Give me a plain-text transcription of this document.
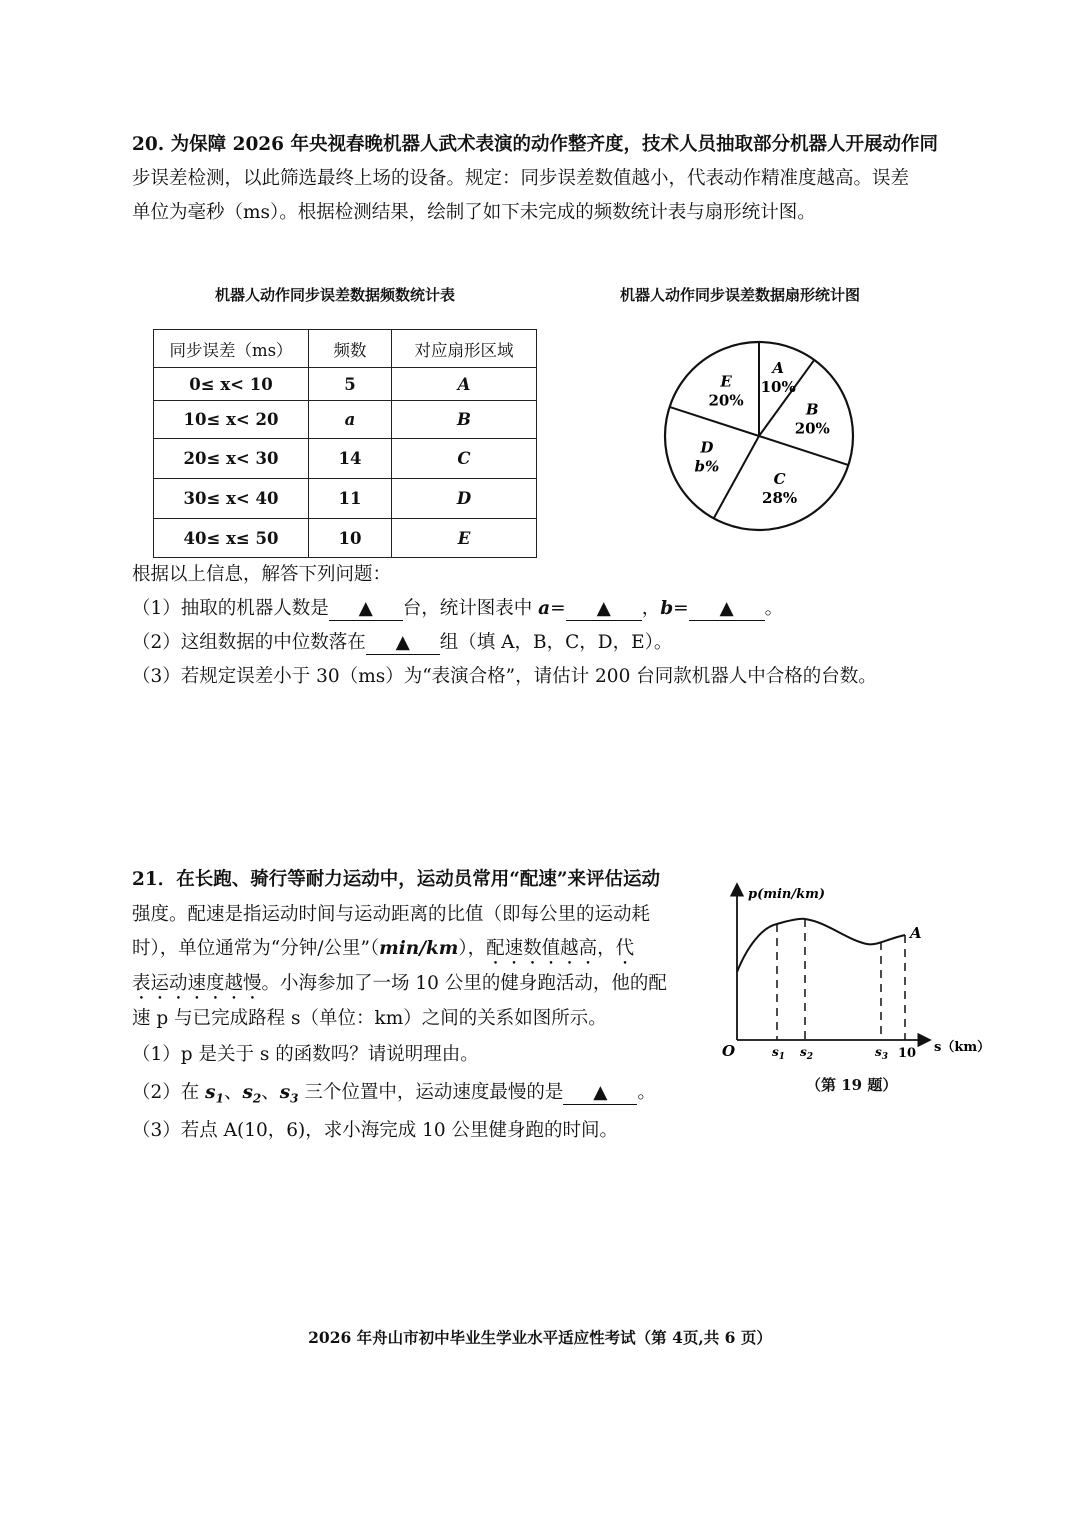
20. 为保障 2026 年央视春晚机器人武术表演的动作整齐度，技术人员抽取部分机器人开展动作同
步误差检测，以此筛选最终上场的设备。规定：同步误差数值越小，代表动作精准度越高。误差
单位为毫秒（ms）。根据检测结果，绘制了如下未完成的频数统计表与扇形统计图。
机器人动作同步误差数据频数统计表	机器人动作同步误差数据扇形统计图
同步误差（ms）	频数	对应扇形区域
0≤ x< 10	5	A
10≤ x< 20	a	B
20≤ x< 30	14	C
30≤ x< 40	11	D
40≤ x≤ 50	10	E
A
10%
B
20%
C
28%
D
b%
E
20%
根据以上信息，解答下列问题：
（1）抽取的机器人数是 ▲ 台，统计图表中 a= ▲ ，b= ▲ 。
（2）这组数据的中位数落在 ▲ 组（填 A，B，C，D，E）。
（3）若规定误差小于 30（ms）为“表演合格”，请估计 200 台同款机器人中合格的台数。
21．在长跑、骑行等耐力运动中，运动员常用“配速”来评估运动
强度。配速是指运动时间与运动距离的比值（即每公里的运动耗
时），单位通常为“分钟/公里”（min/km），配速数值越高，代
表运动速度越慢。小海参加了一场 10 公里的健身跑活动，他的配
速 p 与已完成路程 s（单位：km）之间的关系如图所示。
（1）p 是关于 s 的函数吗？请说明理由。
（2）在 $s_1$、$s_2$、$s_3$ 三个位置中，运动速度最慢的是 ▲ 。
（3）若点 A(10，6)，求小海完成 10 公里健身跑的时间。
p(min/km)
s（km）
O
A
$s_1$ $s_2$	$s_3$ 10
（第 19 题）
2026 年舟山市初中毕业生学业水平适应性考试（第 4页,共 6 页）
